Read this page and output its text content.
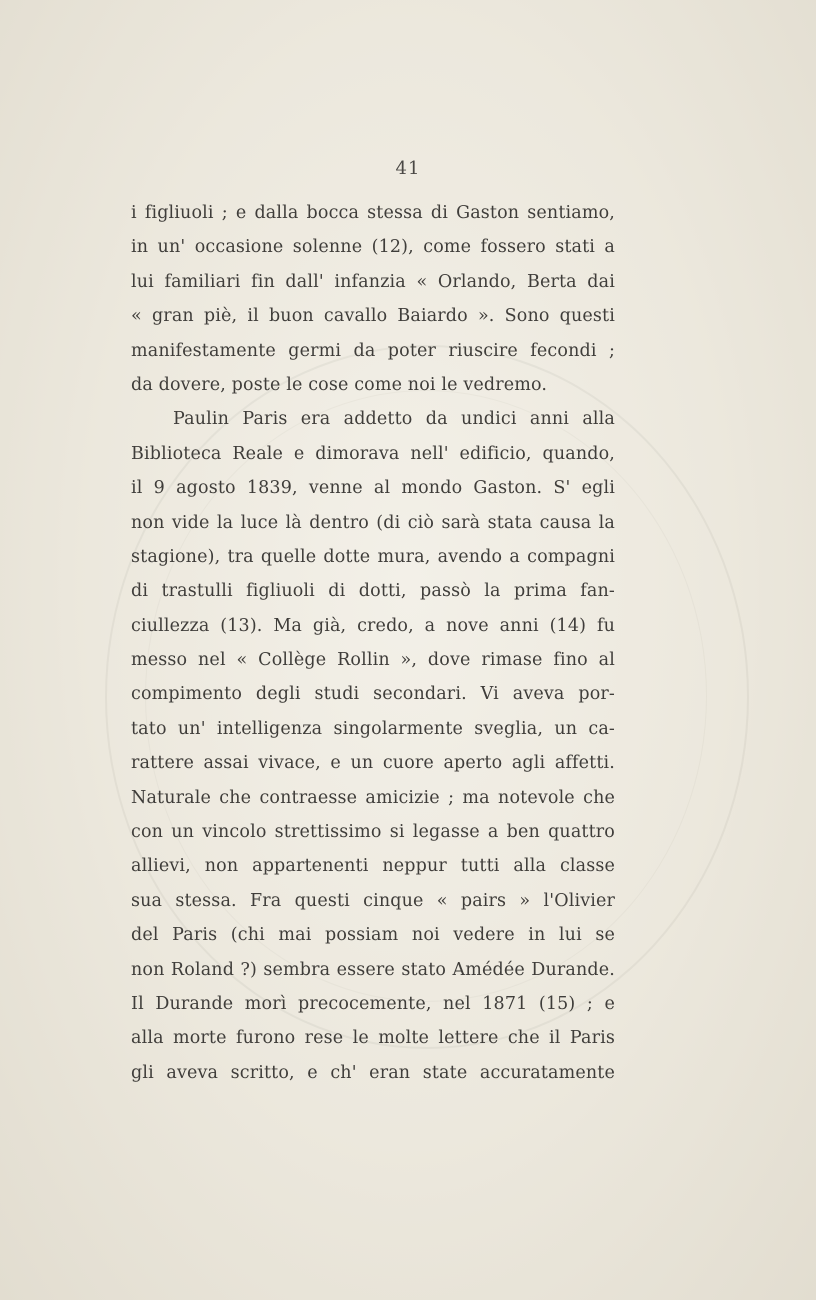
41
i figliuoli ; e dalla bocca stessa di Gaston sentiamo,
in un' occasione solenne (12), come fossero stati a
lui familiari fin dall' infanzia « Orlando, Berta dai
« gran piè, il buon cavallo Baiardo ». Sono questi
manifestamente germi da poter riuscire fecondi ;
da dovere, poste le cose come noi le vedremo.
Paulin Paris era addetto da undici anni alla
Biblioteca Reale e dimorava nell' edificio, quando,
il 9 agosto 1839, venne al mondo Gaston. S' egli
non vide la luce là dentro (di ciò sarà stata causa la
stagione), tra quelle dotte mura, avendo a compagni
di trastulli figliuoli di dotti, passò la prima fan-
ciullezza (13). Ma già, credo, a nove anni (14) fu
messo nel « Collège Rollin », dove rimase fino al
compimento degli studi secondari. Vi aveva por-
tato un' intelligenza singolarmente sveglia, un ca-
rattere assai vivace, e un cuore aperto agli affetti.
Naturale che contraesse amicizie ; ma notevole che
con un vincolo strettissimo si legasse a ben quattro
allievi, non appartenenti neppur tutti alla classe
sua stessa. Fra questi cinque « pairs » l'Olivier
del Paris (chi mai possiam noi vedere in lui se
non Roland ?) sembra essere stato Amédée Durande.
Il Durande morì precocemente, nel 1871 (15) ; e
alla morte furono rese le molte lettere che il Paris
gli aveva scritto, e ch' eran state accuratamente
